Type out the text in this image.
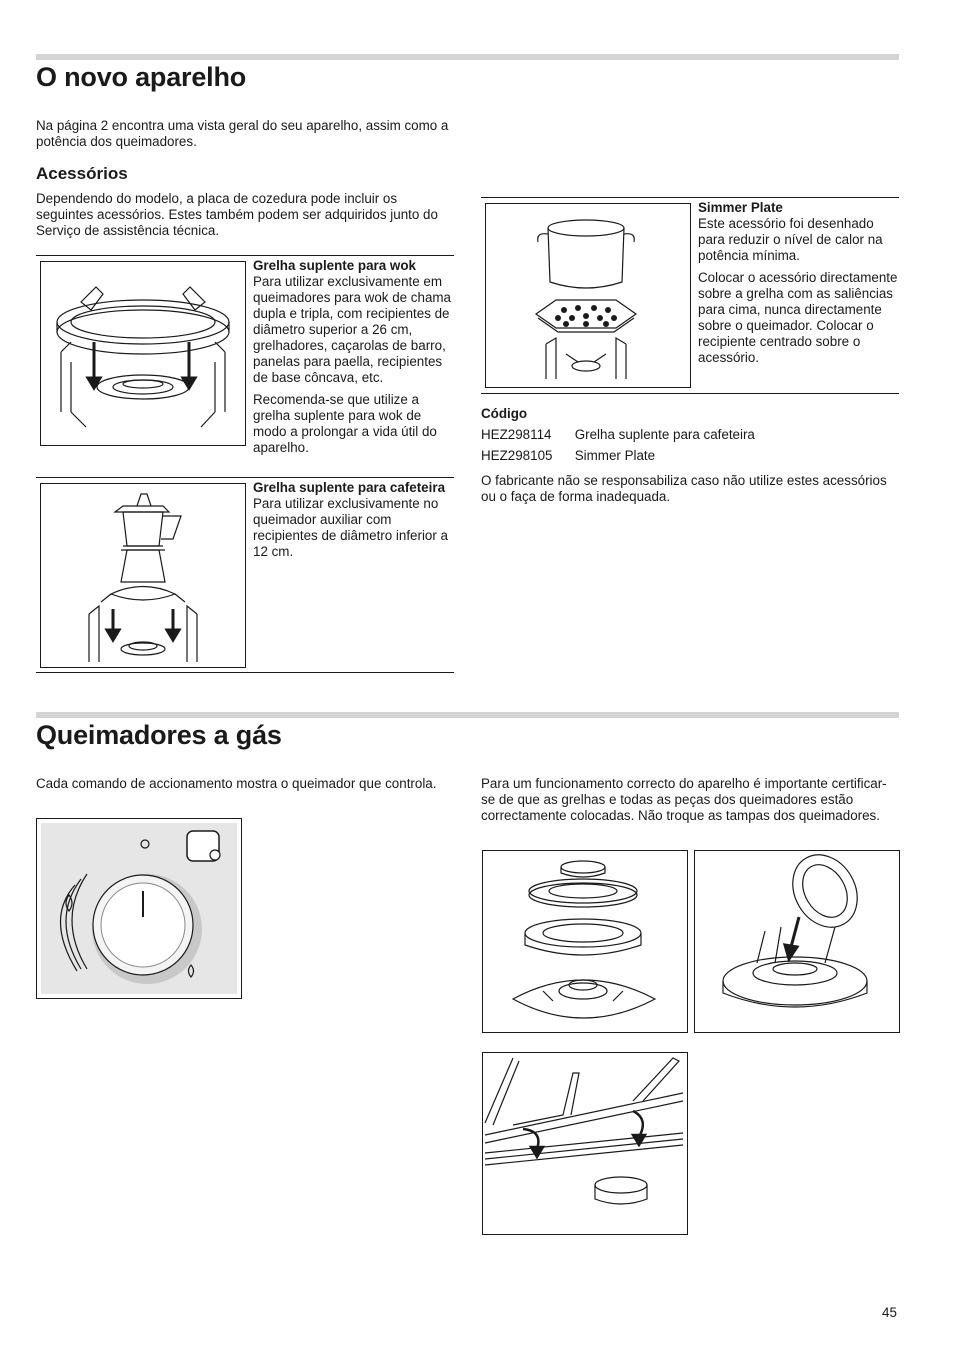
O novo aparelho
Na página 2 encontra uma vista geral do seu aparelho, assim como a potência dos queimadores.
Acessórios
Dependendo do modelo, a placa de cozedura pode incluir os seguintes acessórios. Estes também podem ser adquiridos junto do Serviço de assistência técnica.
Grelha suplente para wok

Para utilizar exclusivamente em queimadores para wok de chama dupla e tripla, com recipientes de diâmetro superior a 26 cm, grelhadores, caçarolas de barro, panelas para paella, recipientes de base côncava, etc.

Recomenda-se que utilize a grelha suplente para wok de modo a prolongar a vida útil do aparelho.

Grelha suplente para cafeteira

Para utilizar exclusivamente no queimador auxiliar com recipientes de diâmetro inferior a 12 cm.

Simmer Plate

Este acessório foi desenhado para reduzir o nível de calor na potência mínima.

Colocar o acessório directamente sobre a grelha com as saliências para cima, nunca directamente sobre o queimador. Colocar o recipiente centrado sobre o acessório.

Código
HEZ298114 Grelha suplente para cafeteira
HEZ298105 Simmer Plate
O fabricante não se responsabiliza caso não utilize estes acessórios ou o faça de forma inadequada.
Queimadores a gás
Cada comando de accionamento mostra o queimador que controla.	Para um funcionamento correcto do aparelho é importante certificar-se de que as grelhas e todas as peças dos queimadores estão correctamente colocadas. Não troque as tampas dos queimadores.
45
